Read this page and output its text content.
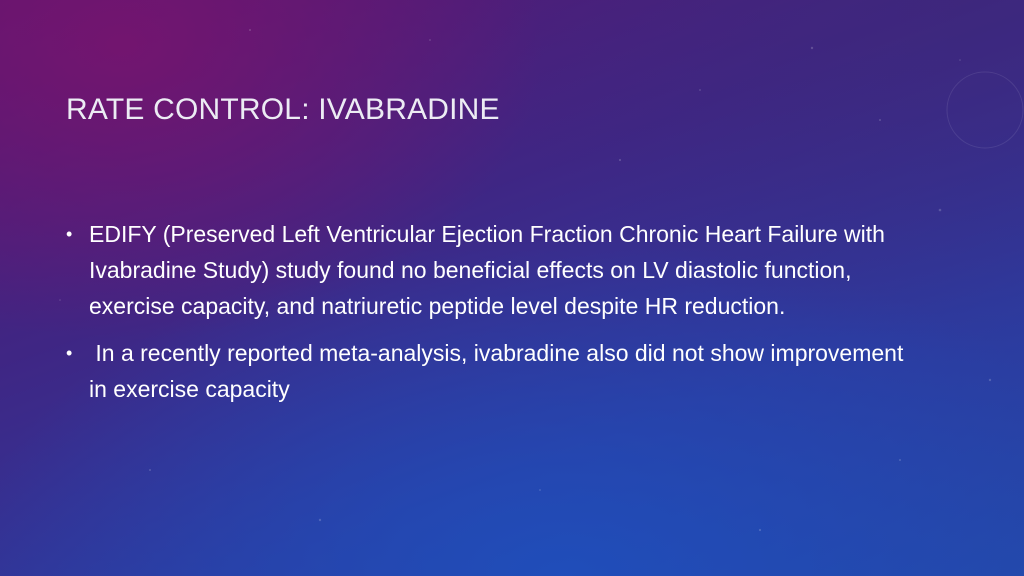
RATE CONTROL: IVABRADINE
• EDIFY (Preserved Left Ventricular Ejection Fraction Chronic Heart Failure with Ivabradine Study) study found no beneficial effects on LV diastolic function, exercise capacity, and natriuretic peptide level despite HR reduction.
• In a recently reported meta-analysis, ivabradine also did not show improvement in exercise capacity
